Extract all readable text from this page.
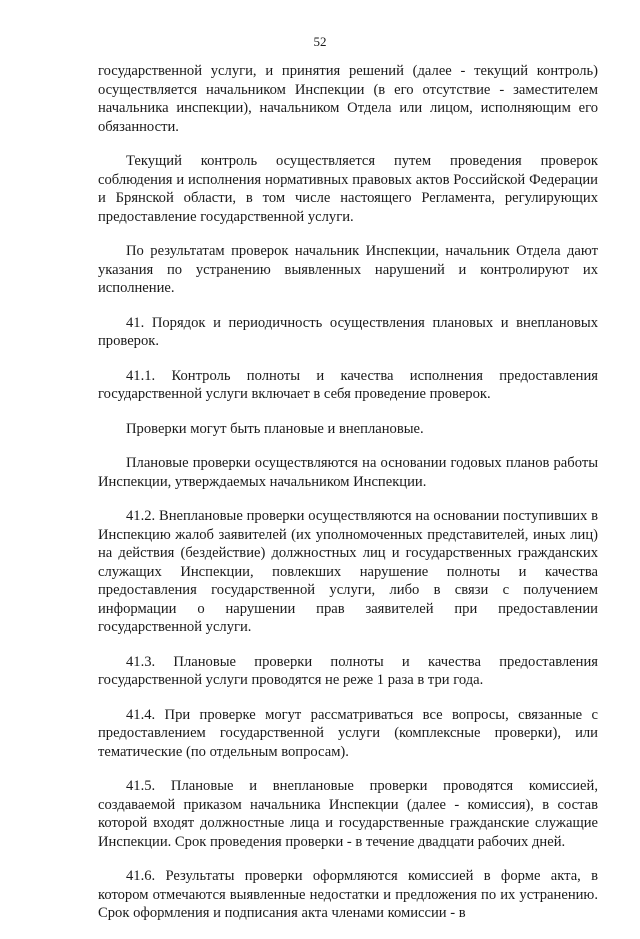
52

государственной услуги, и принятия решений (далее - текущий контроль) осуществляется начальником Инспекции (в его отсутствие - заместителем начальника инспекции), начальником Отдела или лицом, исполняющим его обязанности.

Текущий контроль осуществляется путем проведения проверок соблюдения и исполнения нормативных правовых актов Российской Федерации и Брянской области, в том числе настоящего Регламента, регулирующих предоставление государственной услуги.

По результатам проверок начальник Инспекции, начальник Отдела дают указания по устранению выявленных нарушений и контролируют их исполнение.

41. Порядок и периодичность осуществления плановых и внеплановых проверок.

41.1. Контроль полноты и качества исполнения предоставления государственной услуги включает в себя проведение проверок.

Проверки могут быть плановые и внеплановые.

Плановые проверки осуществляются на основании годовых планов работы Инспекции, утверждаемых начальником Инспекции.

41.2. Внеплановые проверки осуществляются на основании поступивших в Инспекцию жалоб заявителей (их уполномоченных представителей, иных лиц) на действия (бездействие) должностных лиц и государственных гражданских служащих Инспекции, повлекших нарушение полноты и качества предоставления государственной услуги, либо в связи с получением информации о нарушении прав заявителей при предоставлении государственной услуги.

41.3. Плановые проверки полноты и качества предоставления государственной услуги проводятся не реже 1 раза в три года.

41.4. При проверке могут рассматриваться все вопросы, связанные с предоставлением государственной услуги (комплексные проверки), или тематические (по отдельным вопросам).

41.5. Плановые и внеплановые проверки проводятся комиссией, создаваемой приказом начальника Инспекции (далее - комиссия), в состав которой входят должностные лица и государственные гражданские служащие Инспекции. Срок проведения проверки - в течение двадцати рабочих дней.

41.6. Результаты проверки оформляются комиссией в форме акта, в котором отмечаются выявленные недостатки и предложения по их устранению. Срок оформления и подписания акта членами комиссии - в
